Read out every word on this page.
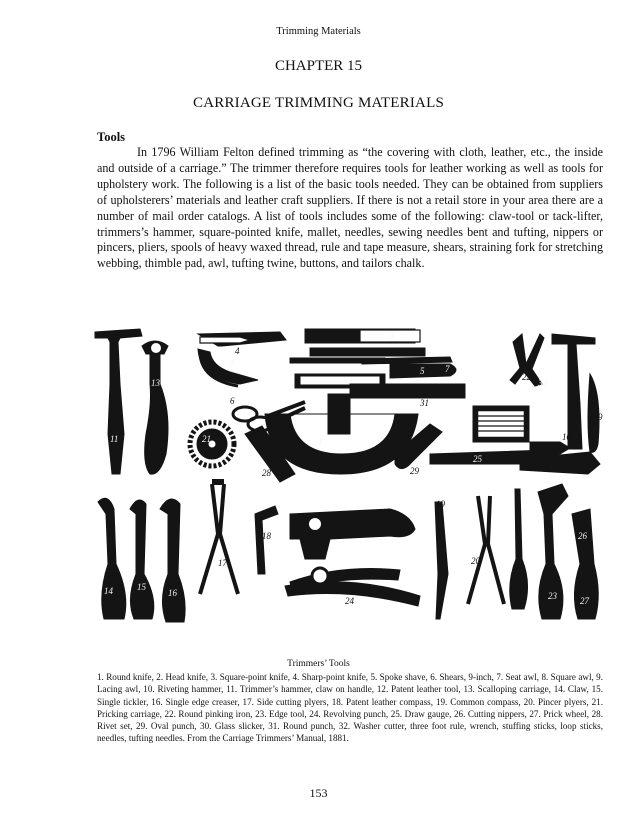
Trimming Materials
CHAPTER 15
CARRIAGE TRIMMING MATERIALS
Tools

In 1796 William Felton defined trimming as “the covering with cloth, leather, etc., the inside and outside of a carriage.” The trimmer therefore requires tools for leather working as well as tools for upholstery work. The following is a list of the basic tools needed. They can be obtained from suppliers of upholsterers’ materials and leather craft suppliers. If there is not a retail store in your area there are a number of mail order catalogs. A list of tools includes some of the following: claw-tool or tack-lifter, trimmers’s hammer, square-pointed knife, mallet, needles, sewing needles bent and tufting, nippers or pincers, pliers, spools of heavy waxed thread, rule and tape measure, shears, straining fork for stretching webbing, thimble pad, awl, tufting twine, buttons, and tailors chalk.

1
2
3
4
5
6
7
10
11
13
14	15
16
17
18
19
20
21
22
23
24
25
26
27
28	29
31
32
9
Trimmers’ Tools

1. Round knife, 2. Head knife, 3. Square-point knife, 4. Sharp-point knife, 5. Spoke shave, 6. Shears, 9-inch, 7. Seat awl, 8. Square awl, 9. Lacing awl, 10. Riveting hammer, 11. Trimmer’s hammer, claw on handle, 12. Patent leather tool, 13. Scalloping carriage, 14. Claw, 15. Single tickler, 16. Single edge creaser, 17. Side cutting plyers, 18. Patent leather compass, 19. Common compass, 20. Pincer plyers, 21. Pricking carriage, 22. Round pinking iron, 23. Edge tool, 24. Revolving punch, 25. Draw gauge, 26. Cutting nippers, 27. Prick wheel, 28. Rivet set, 29. Oval punch, 30. Glass slicker, 31. Round punch, 32. Washer cutter, three foot rule, wrench, stuffing sticks, loop sticks, needles, tufting needles. From the Carriage Trimmers’ Manual, 1881.

153
